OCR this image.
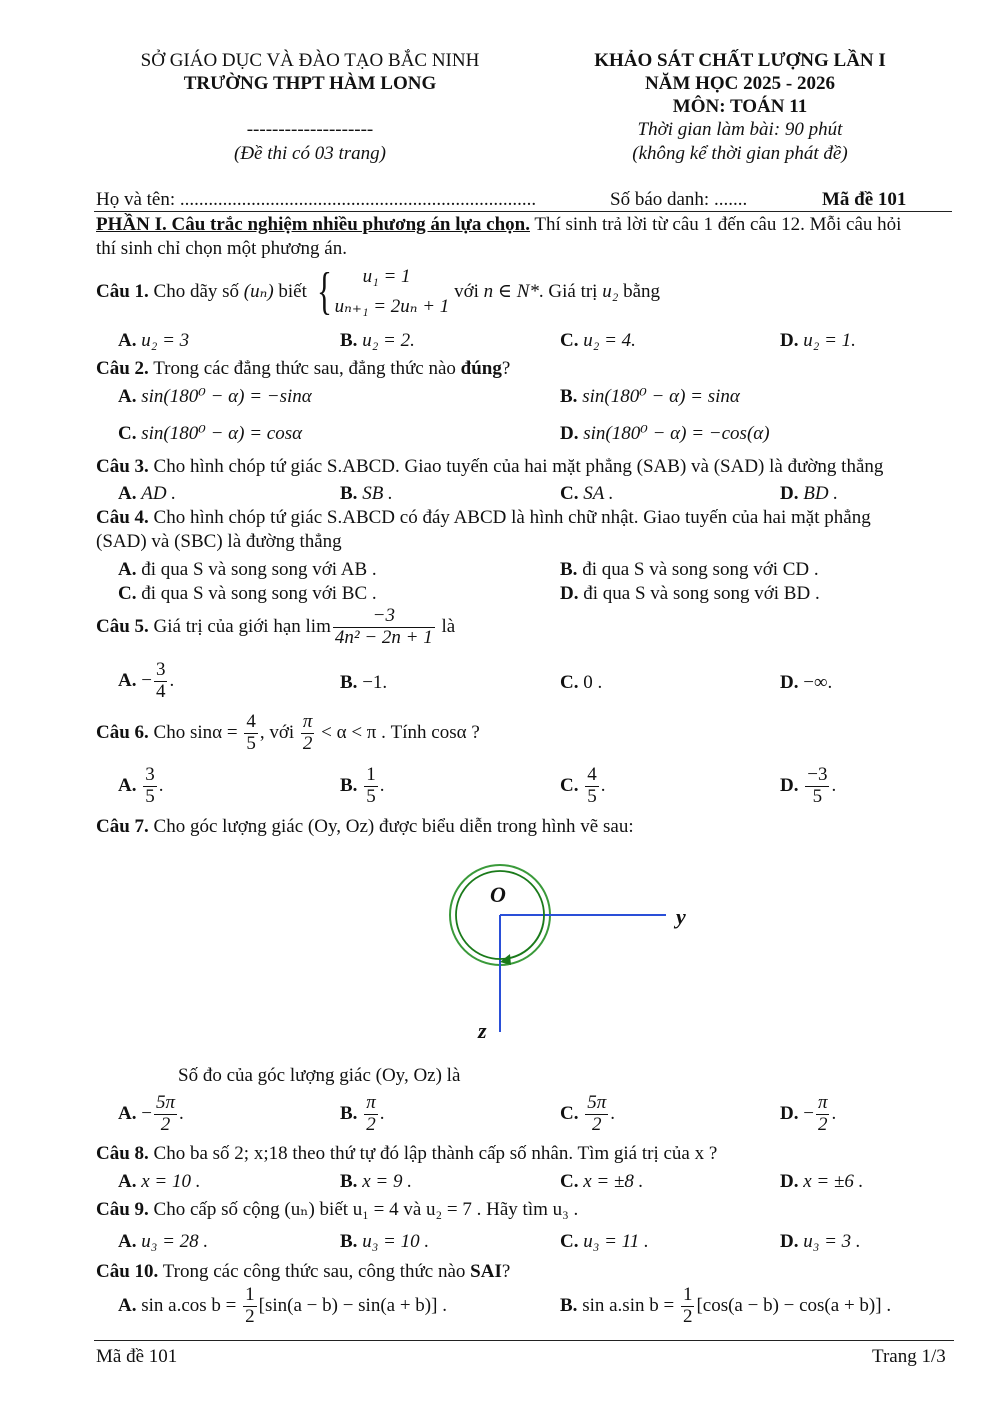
SỞ GIÁO DỤC VÀ ĐÀO TẠO BẮC NINH
TRƯỜNG THPT HÀM LONG
--------------------
(Đề thi có 03 trang)
KHẢO SÁT CHẤT LƯỢNG LẦN I
NĂM HỌC 2025 - 2026
MÔN: TOÁN 11
Thời gian làm bài: 90 phút
(không kể thời gian phát đề)
Họ và tên: ...........................................................................	Số báo danh: .......	Mã đề 101
PHẦN I. Câu trắc nghiệm nhiều phương án lựa chọn. Thí sinh trả lời từ câu 1 đến câu 12. Mỗi câu hỏi
thí sinh chỉ chọn một phương án.
Câu 1. Cho dãy số (uₙ) biết {	u₁ = 1
uₙ₊₁ = 2uₙ + 1
với n ∈ N*. Giá trị u₂ bằng
A. u₂ = 3	B. u₂ = 2.	C. u₂ = 4.	D. u₂ = 1.
Câu 2. Trong các đẳng thức sau, đẳng thức nào đúng?
A. sin(180⁰ − α) = −sinα	B. sin(180⁰ − α) = sinα
C. sin(180⁰ − α) = cosα	D. sin(180⁰ − α) = −cos(α)
Câu 3. Cho hình chóp tứ giác S.ABCD. Giao tuyến của hai mặt phẳng (SAB) và (SAD) là đường thẳng
A. AD .	B. SB .	C. SA .	D. BD .
Câu 4. Cho hình chóp tứ giác S.ABCD có đáy ABCD là hình chữ nhật. Giao tuyến của hai mặt phẳng
(SAD) và (SBC) là đường thẳng
A. đi qua S và song song với AB .	B. đi qua S và song song với CD .
C. đi qua S và song song với BC .	D. đi qua S và song song với BD .
Câu 5. Giá trị của giới hạn $\lim \frac{-3}{\text{4n² − 2n + 1}}$ là
A. − $\frac{3}{4}$ .	B. −1.	C. 0 .	D. −∞.
Câu 6. Cho $\sin\alpha = \frac{4}{5}$ , với $\frac{\pi}{2} < \alpha < \pi$ . Tính cosα ?
A. $\frac{3}{5}$ .	B. $\frac{1}{5}$ .	C. $\frac{4}{5}$ .	D. $\frac{-3}{5}$ .
Câu 7. Cho góc lượng giác (Oy, Oz) được biểu diễn trong hình vẽ sau:
O
y
z
Số đo của góc lượng giác (Oy, Oz) là
A. − $\frac{5\pi}{2}$ .	B. $\frac{\pi}{2}$ .	C. $\frac{5\pi}{2}$ .	D. − $\frac{\pi}{2}$ .
Câu 8. Cho ba số 2; x;18 theo thứ tự đó lập thành cấp số nhân. Tìm giá trị của x ?
A. x = 10 .	B. x = 9 .	C. x = ±8 .	D. x = ±6 .
Câu 9. Cho cấp số cộng (uₙ) biết u₁ = 4 và u₂ = 7 . Hãy tìm u₃ .
A. u₃ = 28 .	B. u₃ = 10 .	C. u₃ = 11 .	D. u₃ = 3 .
Câu 10. Trong các công thức sau, công thức nào SAI?
A. sin a.cos $b = \frac{1}{2} [\sin(a - b) - \sin(a + b)]$ .	B. sin a.sin $b = \frac{1}{2} [\cos(a - b) - \cos(a + b)]$ .
Mã đề 101	Trang 1/3
